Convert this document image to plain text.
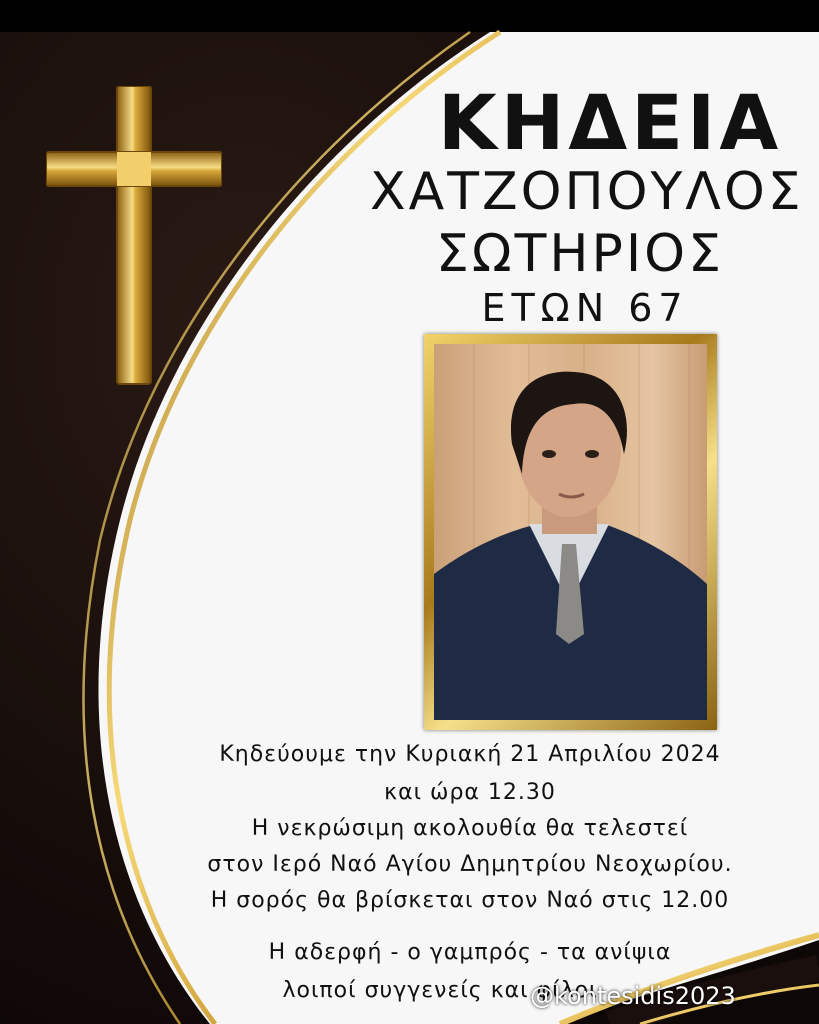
ΚΗΔΕΙΑ
ΧΑΤΖΟΠΟΥΛΟΣ
ΣΩΤΗΡΙΟΣ
ΕΤΩΝ 67
Κηδεύουμε την Κυριακή 21 Απριλίου 2024
και ώρα 12.30
Η νεκρώσιμη ακολουθία θα τελεστεί
στον Ιερό Ναό Αγίου Δημητρίου Νεοχωρίου.
Η σορός θα βρίσκεται στον Ναό στις 12.00
Η αδερφή - ο γαμπρός - τα ανίψια
λοιποί συγγενείς και φίλοι
@kontesidis2023
